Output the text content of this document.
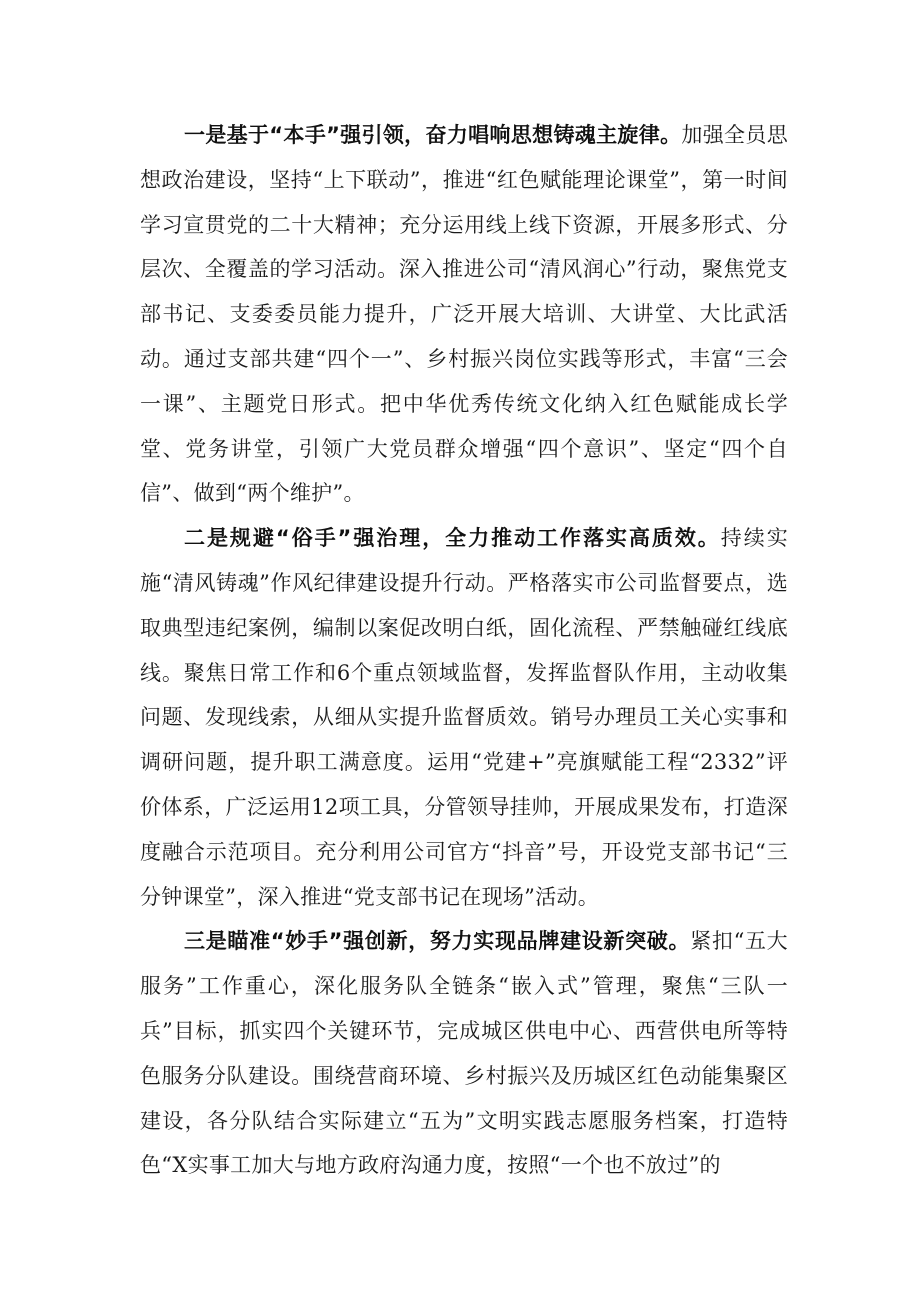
一是基于“本手”强引领，奋力唱响思想铸魂主旋律。加强全员思想政治建设，坚持“上下联动”，推进“红色赋能理论课堂”，第一时间学习宣贯党的二十大精神；充分运用线上线下资源，开展多形式、分层次、全覆盖的学习活动。深入推进公司“清风润心”行动，聚焦党支部书记、支委委员能力提升，广泛开展大培训、大讲堂、大比武活动。通过支部共建“四个一”、乡村振兴岗位实践等形式，丰富“三会一课”、主题党日形式。把中华优秀传统文化纳入红色赋能成长学堂、党务讲堂，引领广大党员群众增强“四个意识”、坚定“四个自信”、做到“两个维护”。

二是规避“俗手”强治理，全力推动工作落实高质效。持续实施“清风铸魂”作风纪律建设提升行动。严格落实市公司监督要点，选取典型违纪案例，编制以案促改明白纸，固化流程、严禁触碰红线底线。聚焦日常工作和6个重点领域监督，发挥监督队作用，主动收集问题、发现线索，从细从实提升监督质效。销号办理员工关心实事和调研问题，提升职工满意度。运用“党建+”亮旗赋能工程“2332”评价体系，广泛运用12项工具，分管领导挂帅，开展成果发布，打造深度融合示范项目。充分利用公司官方“抖音”号，开设党支部书记“三分钟课堂”，深入推进“党支部书记在现场”活动。

三是瞄准“妙手”强创新，努力实现品牌建设新突破。紧扣“五大服务”工作重心，深化服务队全链条“嵌入式”管理，聚焦“三队一兵”目标，抓实四个关键环节，完成城区供电中心、西营供电所等特色服务分队建设。围绕营商环境、乡村振兴及历城区红色动能集聚区建设，各分队结合实际建立“五为”文明实践志愿服务档案，打造特色“X实事工加大与地方政府沟通力度，按照“一个也不放过”的
